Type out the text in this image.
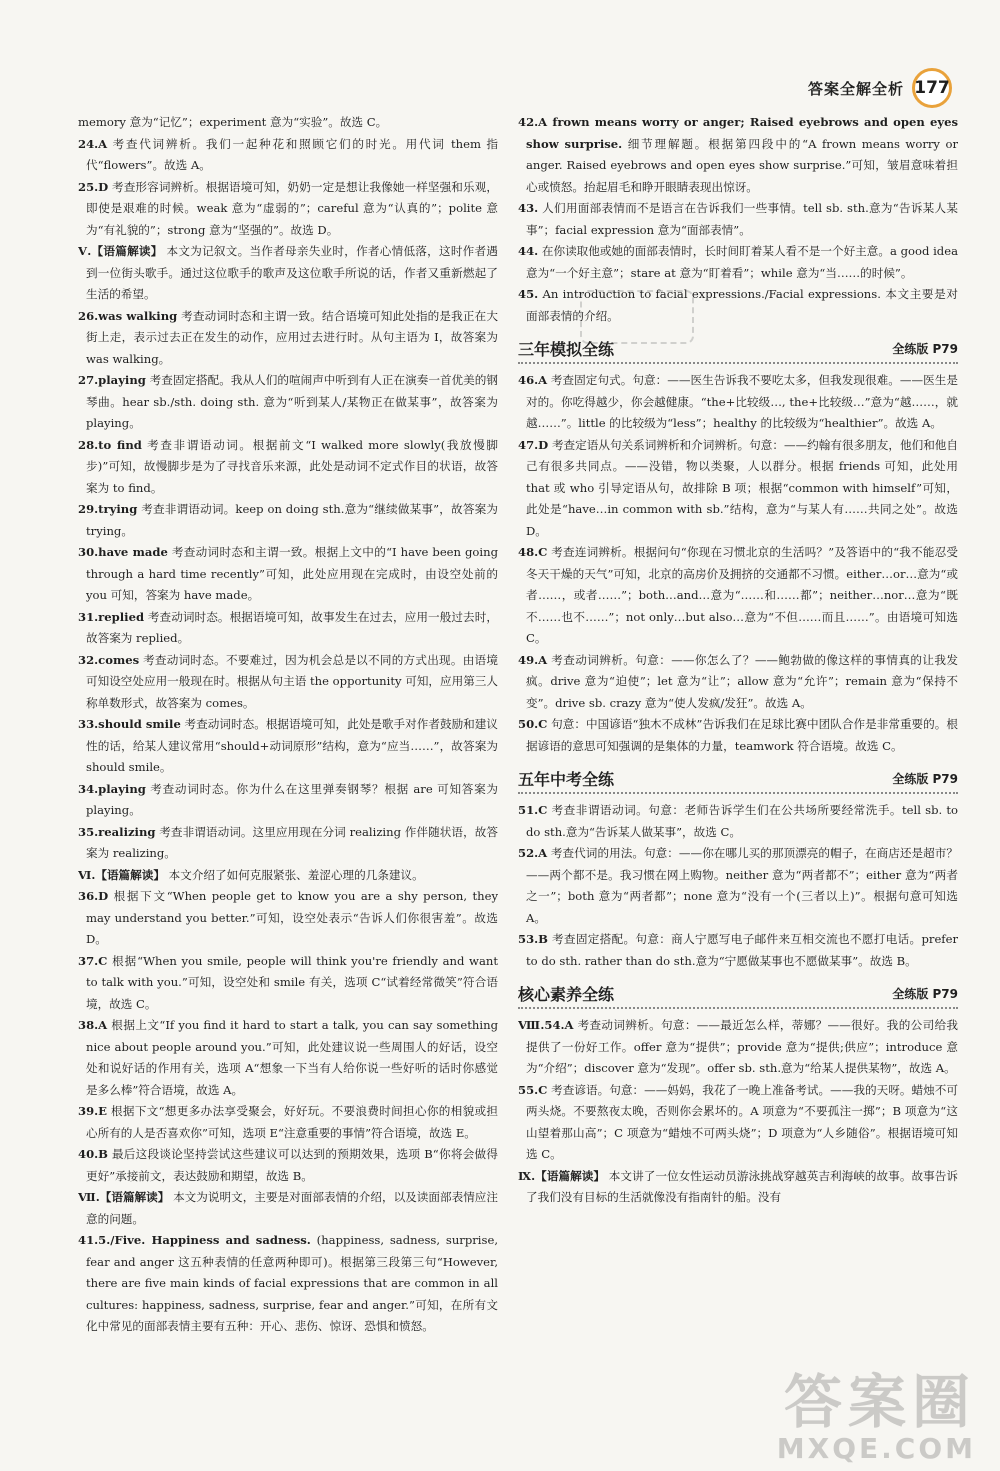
答案全解全析 177

memory 意为“记忆”；experiment 意为“实验”。故选 C。

24.A 考查代词辨析。我们一起种花和照顾它们的时光。用代词 them 指代“flowers”。故选 A。

25.D 考查形容词辨析。根据语境可知，奶奶一定是想让我像她一样坚强和乐观，即使是艰难的时候。weak 意为“虚弱的”；careful 意为“认真的”；polite 意为“有礼貌的”；strong 意为“坚强的”。故选 D。

Ⅴ.【语篇解读】 本文为记叙文。当作者母亲失业时，作者心情低落，这时作者遇到一位街头歌手。通过这位歌手的歌声及这位歌手所说的话，作者又重新燃起了生活的希望。

26.was walking 考查动词时态和主谓一致。结合语境可知此处指的是我正在大街上走，表示过去正在发生的动作，应用过去进行时。从句主语为 I，故答案为 was walking。

27.playing 考查固定搭配。我从人们的喧闹声中听到有人正在演奏一首优美的钢琴曲。hear sb./sth. doing sth. 意为“听到某人/某物正在做某事”，故答案为 playing。

28.to find 考查非谓语动词。根据前文“I walked more slowly(我放慢脚步)”可知，故慢脚步是为了寻找音乐来源，此处是动词不定式作目的状语，故答案为 to find。

29.trying 考查非谓语动词。keep on doing sth.意为“继续做某事”，故答案为 trying。

30.have made 考查动词时态和主谓一致。根据上文中的“I have been going through a hard time recently”可知，此处应用现在完成时，由设空处前的 you 可知，答案为 have made。

31.replied 考查动词时态。根据语境可知，故事发生在过去，应用一般过去时，故答案为 replied。

32.comes 考查动词时态。不要难过，因为机会总是以不同的方式出现。由语境可知设空处应用一般现在时。根据从句主语 the opportunity 可知，应用第三人称单数形式，故答案为 comes。

33.should smile 考查动词时态。根据语境可知，此处是歌手对作者鼓励和建议性的话，给某人建议常用“should+动词原形”结构，意为“应当……”，故答案为 should smile。

34.playing 考查动词时态。你为什么在这里弹奏钢琴？根据 are 可知答案为 playing。

35.realizing 考查非谓语动词。这里应用现在分词 realizing 作伴随状语，故答案为 realizing。

Ⅵ.【语篇解读】 本文介绍了如何克服紧张、羞涩心理的几条建议。

36.D 根据下文“When people get to know you are a shy person, they may understand you better.”可知，设空处表示“告诉人们你很害羞”。故选 D。

37.C 根据“When you smile, people will think you're friendly and want to talk with you.”可知，设空处和 smile 有关，选项 C“试着经常微笑”符合语境，故选 C。

38.A 根据上文“If you find it hard to start a talk, you can say something nice about people around you.”可知，此处建议说一些周围人的好话，设空处和说好话的作用有关，选项 A“想象一下当有人给你说一些好听的话时你感觉是多么棒”符合语境，故选 A。

39.E 根据下文“想更多办法享受聚会，好好玩。不要浪费时间担心你的相貌或担心所有的人是否喜欢你”可知，选项 E“注意重要的事情”符合语境，故选 E。

40.B 最后这段谈论坚持尝试这些建议可以达到的预期效果，选项 B“你将会做得更好”承接前文，表达鼓励和期望，故选 B。

Ⅶ.【语篇解读】 本文为说明文，主要是对面部表情的介绍，以及读面部表情应注意的问题。

41.5./Five. Happiness and sadness. (happiness, sadness, surprise, fear and anger 这五种表情的任意两种即可)。根据第三段第三句“However, there are five main kinds of facial expressions that are common in all cultures: happiness, sadness, surprise, fear and anger.”可知，在所有文化中常见的面部表情主要有五种：开心、悲伤、惊讶、恐惧和愤怒。

42.A frown means worry or anger; Raised eyebrows and open eyes show surprise. 细节理解题。根据第四段中的“A frown means worry or anger. Raised eyebrows and open eyes show surprise.”可知，皱眉意味着担心或愤怒。抬起眉毛和睁开眼睛表现出惊讶。

43. 人们用面部表情而不是语言在告诉我们一些事情。tell sb. sth.意为“告诉某人某事”；facial expression 意为“面部表情”。

44. 在你读取他或她的面部表情时，长时间盯着某人看不是一个好主意。a good idea 意为“一个好主意”；stare at 意为“盯着看”；while 意为“当……的时候”。

45. An introduction to facial expressions./Facial expressions. 本文主要是对面部表情的介绍。

三年模拟全练	全练版 P79

46.A 考查固定句式。句意：——医生告诉我不要吃太多，但我发现很难。——医生是对的。你吃得越少，你会越健康。“the+比较级…, the+比较级…”意为“越……，就越……”。little 的比较级为“less”；healthy 的比较级为“healthier”。故选 A。

47.D 考查定语从句关系词辨析和介词辨析。句意：——约翰有很多朋友，他们和他自己有很多共同点。——没错，物以类聚，人以群分。根据 friends 可知，此处用 that 或 who 引导定语从句，故排除 B 项；根据“common with himself”可知，此处是“have…in common with sb.”结构，意为“与某人有……共同之处”。故选 D。

48.C 考查连词辨析。根据问句“你现在习惯北京的生活吗？”及答语中的“我不能忍受冬天干燥的天气”可知，北京的高房价及拥挤的交通都不习惯。either…or…意为“或者……，或者……”；both…and…意为“……和……都”；neither…nor…意为“既不……也不……”；not only…but also…意为“不但……而且……”。由语境可知选 C。

49.A 考查动词辨析。句意：——你怎么了？——鲍勃做的像这样的事情真的让我发疯。drive 意为“迫使”；let 意为“让”；allow 意为“允许”；remain 意为“保持不变”。drive sb. crazy 意为“使人发疯/发狂”。故选 A。

50.C 句意：中国谚语“独木不成林”告诉我们在足球比赛中团队合作是非常重要的。根据谚语的意思可知强调的是集体的力量，teamwork 符合语境。故选 C。

五年中考全练	全练版 P79

51.C 考查非谓语动词。句意：老师告诉学生们在公共场所要经常洗手。tell sb. to do sth.意为“告诉某人做某事”，故选 C。

52.A 考查代词的用法。句意：——你在哪儿买的那顶漂亮的帽子，在商店还是超市？——两个都不是。我习惯在网上购物。neither 意为“两者都不”；either 意为“两者之一”；both 意为“两者都”；none 意为“没有一个(三者以上)”。根据句意可知选 A。

53.B 考查固定搭配。句意：商人宁愿写电子邮件来互相交流也不愿打电话。prefer to do sth. rather than do sth.意为“宁愿做某事也不愿做某事”。故选 B。

核心素养全练	全练版 P79

Ⅷ.54.A 考查动词辨析。句意：——最近怎么样，蒂娜？——很好。我的公司给我提供了一份好工作。offer 意为“提供”；provide 意为“提供;供应”；introduce 意为“介绍”；discover 意为“发现”。offer sb. sth.意为“给某人提供某物”，故选 A。

55.C 考查谚语。句意：——妈妈，我花了一晚上准备考试。——我的天呀。蜡烛不可两头烧。不要熬夜太晚，否则你会累坏的。A 项意为“不要孤注一掷”；B 项意为“这山望着那山高”；C 项意为“蜡烛不可两头烧”；D 项意为“人乡随俗”。根据语境可知选 C。

Ⅸ.【语篇解读】 本文讲了一位女性运动员游泳挑战穿越英吉利海峡的故事。故事告诉了我们没有目标的生活就像没有指南针的船。没有

答案圈
MXQE.COM
